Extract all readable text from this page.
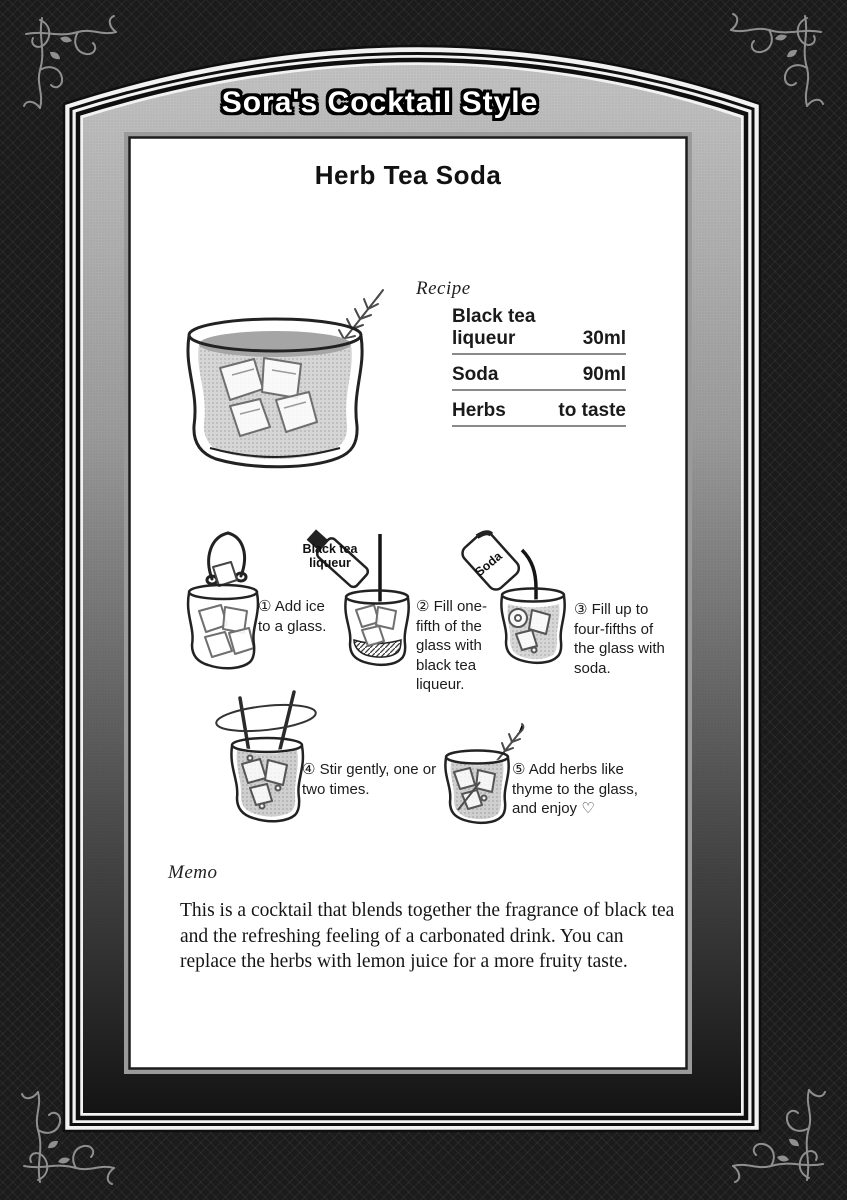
Sora's Cocktail Style
Herb Tea Soda
Recipe
Black tea liqueur	30ml
Soda	90ml
Herbs	to taste
① Add ice to a glass.
Black tea liqueur
② Fill one-fifth of the glass with black tea liqueur.
Soda
③ Fill up to four-fifths of the glass with soda.
④ Stir gently, one or two times.
⑤ Add herbs like thyme to the glass, and enjoy ♡
Memo
This is a cocktail that blends together the fragrance of black tea and the refreshing feeling of a carbonated drink. You can replace the herbs with lemon juice for a more fruity taste.
